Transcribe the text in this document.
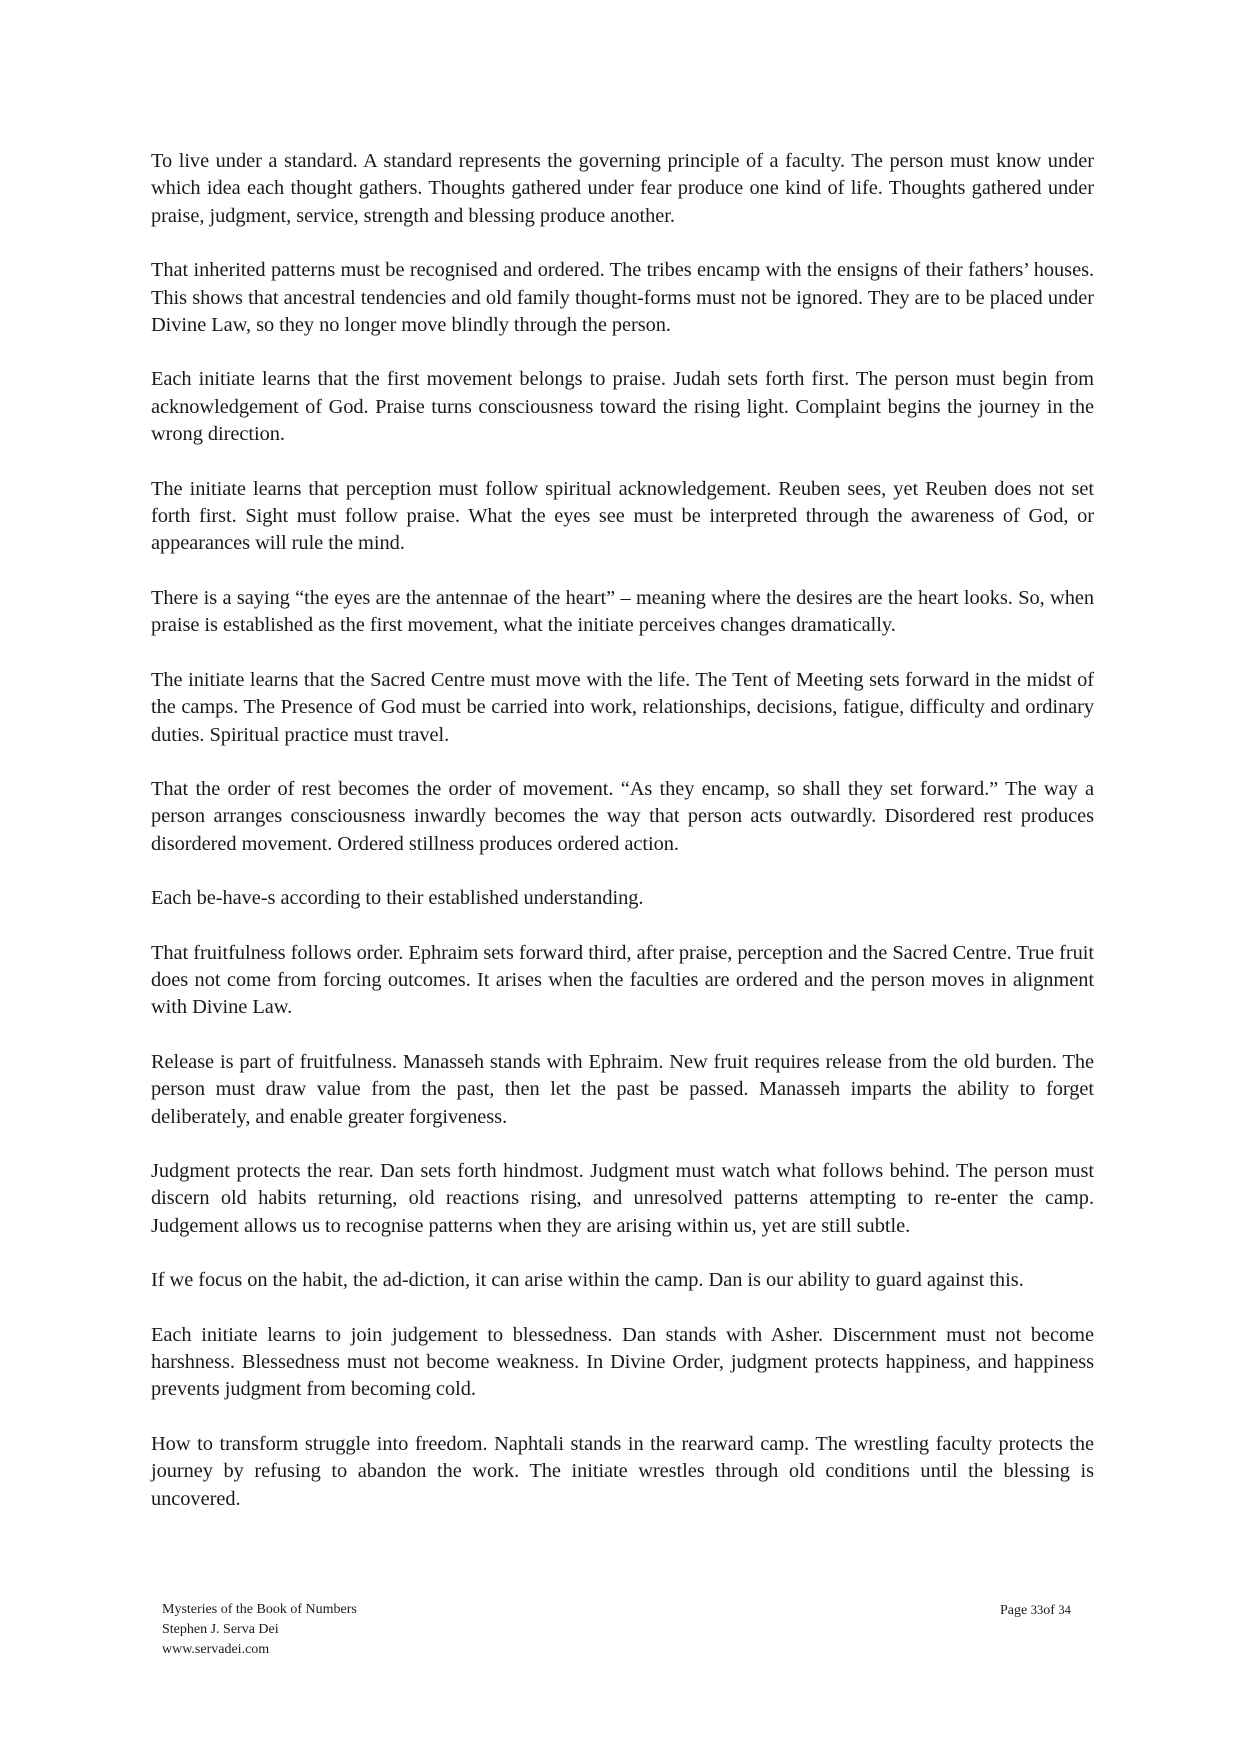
To live under a standard. A standard represents the governing principle of a faculty. The person must know under which idea each thought gathers. Thoughts gathered under fear produce one kind of life. Thoughts gathered under praise, judgment, service, strength and blessing produce another.

That inherited patterns must be recognised and ordered. The tribes encamp with the ensigns of their fathers’ houses. This shows that ancestral tendencies and old family thought-forms must not be ignored. They are to be placed under Divine Law, so they no longer move blindly through the person.

Each initiate learns that the first movement belongs to praise. Judah sets forth first. The person must begin from acknowledgement of God. Praise turns consciousness toward the rising light. Complaint begins the journey in the wrong direction.

The initiate learns that perception must follow spiritual acknowledgement. Reuben sees, yet Reuben does not set forth first. Sight must follow praise. What the eyes see must be interpreted through the awareness of God, or appearances will rule the mind.

There is a saying “the eyes are the antennae of the heart” – meaning where the desires are the heart looks. So, when praise is established as the first movement, what the initiate perceives changes dramatically.

The initiate learns that the Sacred Centre must move with the life. The Tent of Meeting sets forward in the midst of the camps. The Presence of God must be carried into work, relationships, decisions, fatigue, difficulty and ordinary duties. Spiritual practice must travel.

That the order of rest becomes the order of movement. “As they encamp, so shall they set forward.” The way a person arranges consciousness inwardly becomes the way that person acts outwardly. Disordered rest produces disordered movement. Ordered stillness produces ordered action.

Each be-have-s according to their established understanding.

That fruitfulness follows order. Ephraim sets forward third, after praise, perception and the Sacred Centre. True fruit does not come from forcing outcomes. It arises when the faculties are ordered and the person moves in alignment with Divine Law.

Release is part of fruitfulness. Manasseh stands with Ephraim. New fruit requires release from the old burden. The person must draw value from the past, then let the past be passed. Manasseh imparts the ability to forget deliberately, and enable greater forgiveness.

Judgment protects the rear. Dan sets forth hindmost. Judgment must watch what follows behind. The person must discern old habits returning, old reactions rising, and unresolved patterns attempting to re-enter the camp. Judgement allows us to recognise patterns when they are arising within us, yet are still subtle.

If we focus on the habit, the ad-diction, it can arise within the camp. Dan is our ability to guard against this.

Each initiate learns to join judgement to blessedness. Dan stands with Asher. Discernment must not become harshness. Blessedness must not become weakness. In Divine Order, judgment protects happiness, and happiness prevents judgment from becoming cold.

How to transform struggle into freedom. Naphtali stands in the rearward camp. The wrestling faculty protects the journey by refusing to abandon the work. The initiate wrestles through old conditions until the blessing is uncovered.

Mysteries of the Book of Numbers
Stephen J. Serva Dei
www.servadei.com
Page 33of 34
